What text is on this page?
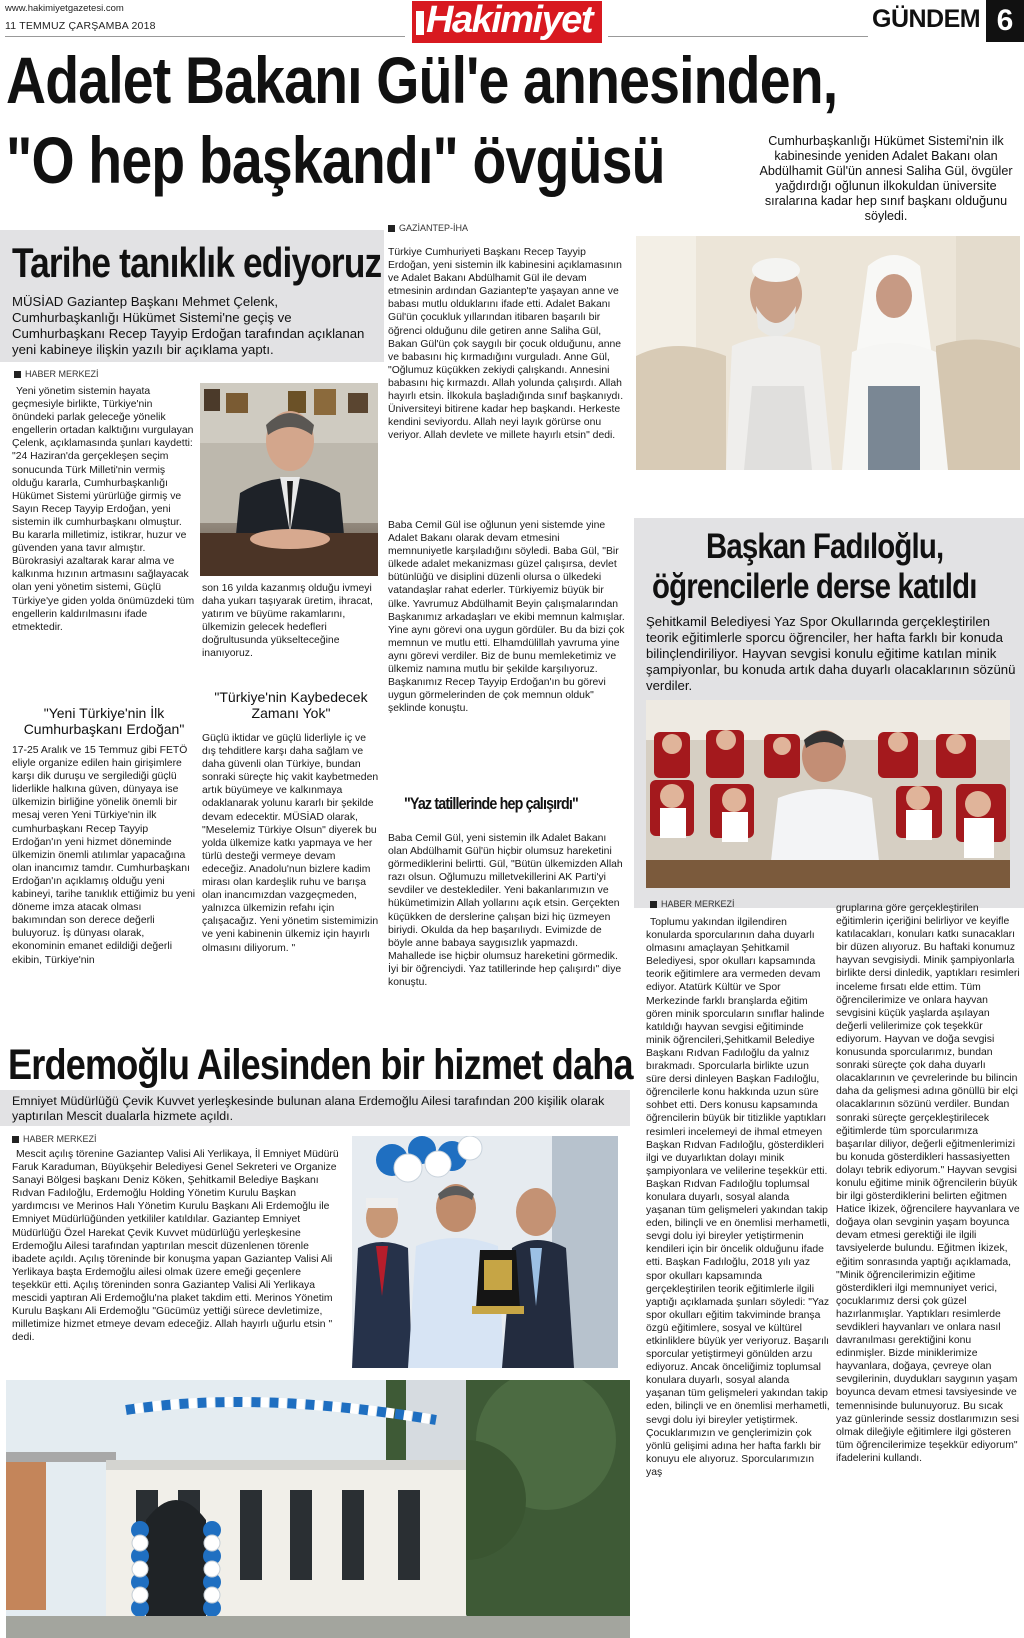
www.hakimiyetgazetesi.com
11 TEMMUZ ÇARŞAMBA 2018	Hakimiyet	GÜNDEM 6
Adalet Bakanı Gül'e annesinden,
"O hep başkandı" övgüsü	Cumhurbaşkanlığı Hükümet Sistemi'nin ilk kabinesinde yeniden Adalet Bakanı olan Abdülhamit Gül'ün annesi Saliha Gül, övgüler yağdırdığı oğlunun ilkokuldan üniversite sıralarına kadar hep sınıf başkanı olduğunu söyledi.
Tarihe tanıklık ediyoruz
MÜSİAD Gaziantep Başkanı Mehmet Çelenk, Cumhurbaşkanlığı Hükümet Sistemi'ne geçiş ve Cumhurbaşkanı Recep Tayyip Erdoğan tarafından açıklanan yeni kabineye ilişkin yazılı bir açıklama yaptı.
HABER MERKEZİ

Yeni yönetim sistemin hayata geçmesiyle birlikte, Türkiye'nin önündeki parlak geleceğe yönelik engellerin ortadan kalktığını vurgulayan Çelenk, açıklamasında şunları kaydetti: "24 Haziran'da gerçekleşen seçim sonucunda Türk Milleti'nin vermiş olduğu kararla, Cumhurbaşkanlığı Hükümet Sistemi yürürlüğe girmiş ve Sayın Recep Tayyip Erdoğan, yeni sistemin ilk cumhurbaşkanı olmuştur. Bu kararla milletimiz, istikrar, huzur ve güvenden yana tavır almıştır. Bürokrasiyi azaltarak karar alma ve kalkınma hızının artmasını sağlayacak olan yeni yönetim sistemi, Güçlü Türkiye'ye giden yolda önümüzdeki tüm engellerin kaldırılmasını ifade etmektedir.

"Yeni Türkiye'nin İlk Cumhurbaşkanı Erdoğan"

17-25 Aralık ve 15 Temmuz gibi FETÖ eliyle organize edilen hain girişimlere karşı dik duruşu ve sergilediği güçlü liderlikle halkına güven, dünyaya ise ülkemizin birliğine yönelik önemli bir mesaj veren Yeni Türkiye'nin ilk cumhurbaşkanı Recep Tayyip Erdoğan'ın yeni hizmet döneminde ülkemizin önemli atılımlar yapacağına olan inancımız tamdır. Cumhurbaşkanı Erdoğan'ın açıklamış olduğu yeni kabineyi, tarihe tanıklık ettiğimiz bu yeni döneme imza atacak olması bakımından son derece değerli buluyoruz. İş dünyası olarak, ekonominin emanet edildiği değerli ekibin, Türkiye'nin

son 16 yılda kazanmış olduğu ivmeyi daha yukarı taşıyarak üretim, ihracat, yatırım ve büyüme rakamlarını, ülkemizin gelecek hedefleri doğrultusunda yükselteceğine inanıyoruz.

"Türkiye'nin Kaybedecek Zamanı Yok"

Güçlü iktidar ve güçlü liderliyle iç ve dış tehditlere karşı daha sağlam ve daha güvenli olan Türkiye, bundan sonraki süreçte hiç vakit kaybetmeden artık büyümeye ve kalkınmaya odaklanarak yolunu kararlı bir şekilde devam edecektir. MÜSİAD olarak, "Meselemiz Türkiye Olsun" diyerek bu yolda ülkemize katkı yapmaya ve her türlü desteği vermeye devam edeceğiz. Anadolu'nun bizlere kadim mirası olan kardeşlik ruhu ve barışa olan inancımızdan vazgeçmeden, yalnızca ülkemizin refahı için çalışacağız. Yeni yönetim sistemimizin ve yeni kabinenin ülkemiz için hayırlı olmasını diliyorum. "

GAZİANTEP-İHA

Türkiye Cumhuriyeti Başkanı Recep Tayyip Erdoğan, yeni sistemin ilk kabinesini açıklamasının ve Adalet Bakanı Abdülhamit Gül ile devam etmesinin ardından Gaziantep'te yaşayan anne ve babası mutlu olduklarını ifade etti. Adalet Bakanı Gül'ün çocukluk yıllarından itibaren başarılı bir öğrenci olduğunu dile getiren anne Saliha Gül, Bakan Gül'ün çok saygılı bir çocuk olduğunu, anne ve babasını hiç kırmadığını vurguladı. Anne Gül, "Oğlumuz küçükken zekiydi çalışkandı. Annesini babasını hiç kırmazdı. Allah yolunda çalışırdı. Allah hayırlı etsin. İlkokula başladığında sınıf başkanıydı. Üniversiteyi bitirene kadar hep başkandı. Herkeste kendini seviyordu. Allah neyi layık görürse onu veriyor. Allah devlete ve millete hayırlı etsin" dedi.

Baba Cemil Gül ise oğlunun yeni sistemde yine Adalet Bakanı olarak devam etmesini memnuniyetle karşıladığını söyledi. Baba Gül, "Bir ülkede adalet mekanizması güzel çalışırsa, devlet bütünlüğü ve disiplini düzenli olursa o ülkedeki vatandaşlar rahat ederler. Türkiyemiz büyük bir ülke. Yavrumuz Abdülhamit Beyin çalışmalarından Başkanımız arkadaşları ve ekibi memnun kalmışlar. Yine aynı görevi ona uygun gördüler. Bu da bizi çok memnun ve mutlu etti. Elhamdülillah yavruma yine aynı görevi verdiler. Biz de bunu memleketimiz ve ülkemiz namına mutlu bir şekilde karşılıyoruz. Başkanımız Recep Tayyip Erdoğan'ın bu görevi uygun görmelerinden de çok memnun olduk" şeklinde konuştu.

"Yaz tatillerinde hep çalışırdı"

Baba Cemil Gül, yeni sistemin ilk Adalet Bakanı olan Abdülhamit Gül'ün hiçbir olumsuz hareketini görmediklerini belirtti. Gül, "Bütün ülkemizden Allah razı olsun. Oğlumuzu milletvekillerini AK Parti'yi sevdiler ve desteklediler. Yeni bakanlarımızın ve hükümetimizin Allah yollarını açık etsin. Gerçekten küçükken de derslerine çalışan bizi hiç üzmeyen biriydi. Okulda da hep başarılıydı. Evimizde de böyle anne babaya saygısızlık yapmazdı. Mahallede ise hiçbir olumsuz hareketini görmedik. İyi bir öğrenciydi. Yaz tatillerinde hep çalışırdı" diye konuştu.

Başkan Fadıloğlu,
öğrencilerle derse katıldı
Şehitkamil Belediyesi Yaz Spor Okullarında gerçekleştirilen teorik eğitimlerle sporcu öğrenciler, her hafta farklı bir konuda bilinçlendiriliyor. Hayvan sevgisi konulu eğitime katılan minik şampiyonlar, bu konuda artık daha duyarlı olacaklarının sözünü verdiler.
HABER MERKEZİ

Toplumu yakından ilgilendiren konularda sporcularının daha duyarlı olmasını amaçlayan Şehitkamil Belediyesi, spor okulları kapsamında teorik eğitimlere ara vermeden devam ediyor. Atatürk Kültür ve Spor Merkezinde farklı branşlarda eğitim gören minik sporcuların sınıflar halinde katıldığı hayvan sevgisi eğitiminde minik öğrencileri,Şehitkamil Belediye Başkanı Rıdvan Fadıloğlu da yalnız bırakmadı. Sporcularla birlikte uzun süre dersi dinleyen Başkan Fadıloğlu, öğrencilerle konu hakkında uzun süre sohbet etti. Ders konusu kapsamında öğrencilerin büyük bir titizlikle yaptıkları resimleri incelemeyi de ihmal etmeyen Başkan Rıdvan Fadıloğlu, gösterdikleri ilgi ve duyarlıktan dolayı minik şampiyonlara ve velilerine teşekkür etti. Başkan Rıdvan Fadıloğlu toplumsal konulara duyarlı, sosyal alanda yaşanan tüm gelişmeleri yakından takip eden, bilinçli ve en önemlisi merhametli, sevgi dolu iyi bireyler yetiştirmenin kendileri için bir öncelik olduğunu ifade etti. Başkan Fadıloğlu, 2018 yılı yaz spor okulları kapsamında gerçekleştirilen teorik eğitimlerle ilgili yaptığı açıklamada şunları söyledi: "Yaz spor okulları eğitim takviminde branşa özgü eğitimlere, sosyal ve kültürel etkinliklere büyük yer veriyoruz. Başarılı sporcular yetiştirmeyi gönülden arzu ediyoruz. Ancak önceliğimiz toplumsal konulara duyarlı, sosyal alanda yaşanan tüm gelişmeleri yakından takip eden, bilinçli ve en önemlisi merhametli, sevgi dolu iyi bireyler yetiştirmek. Çocuklarımızın ve gençlerimizin çok yönlü gelişimi adına her hafta farklı bir konuyu ele alıyoruz. Sporcularımızın yaş

gruplarına göre gerçekleştirilen eğitimlerin içeriğini belirliyor ve keyifle katılacakları, konuları katkı sunacakları bir düzen alıyoruz. Bu haftaki konumuz hayvan sevgisiydi. Minik şampiyonlarla birlikte dersi dinledik, yaptıkları resimleri inceleme fırsatı elde ettim. Tüm öğrencilerimize ve onlara hayvan sevgisini küçük yaşlarda aşılayan değerli velilerimize çok teşekkür ediyorum. Hayvan ve doğa sevgisi konusunda sporcularımız, bundan sonraki süreçte çok daha duyarlı olacaklarının ve çevrelerinde bu bilincin daha da gelişmesi adına gönüllü bir elçi olacaklarının sözünü verdiler. Bundan sonraki süreçte gerçekleştirilecek eğitimlerde tüm sporcularımıza başarılar diliyor, değerli eğitmenlerimizi bu konuda gösterdikleri hassasiyetten dolayı tebrik ediyorum." Hayvan sevgisi konulu eğitime minik öğrencilerin büyük bir ilgi gösterdiklerini belirten eğitmen Hatice İkizek, öğrencilere hayvanlara ve doğaya olan sevginin yaşam boyunca devam etmesi gerektiği ile ilgili tavsiyelerde bulundu. Eğitmen İkizek, eğitim sonrasında yaptığı açıklamada, "Minik öğrencilerimizin eğitime gösterdikleri ilgi memnuniyet verici, çocuklarımız dersi çok güzel hazırlanmışlar. Yaptıkları resimlerde sevdikleri hayvanları ve onlara nasıl davranılması gerektiğini konu edinmişler. Bizde miniklerimize hayvanlara, doğaya, çevreye olan sevgilerinin, duydukları saygının yaşam boyunca devam etmesi tavsiyesinde ve temennisinde bulunuyoruz. Bu sıcak yaz günlerinde sessiz dostlarımızın sesi olmak dileğiyle eğitimlere ilgi gösteren tüm öğrencilerimize teşekkür ediyorum" ifadelerini kullandı.

Erdemoğlu Ailesinden bir hizmet daha
Emniyet Müdürlüğü Çevik Kuvvet yerleşkesinde bulunan alana Erdemoğlu Ailesi tarafından 200 kişilik olarak yaptırılan Mescit dualarla hizmete açıldı.
HABER MERKEZİ

Mescit açılış törenine Gaziantep Valisi Ali Yerlikaya, İl Emniyet Müdürü Faruk Karaduman, Büyükşehir Belediyesi Genel Sekreteri ve Organize Sanayi Bölgesi başkanı Deniz Köken, Şehitkamil Belediye Başkanı Rıdvan Fadıloğlu, Erdemoğlu Holding Yönetim Kurulu Başkan yardımcısı ve Merinos Halı Yönetim Kurulu Başkanı Ali Erdemoğlu ile Emniyet Müdürlüğünden yetkililer katıldılar. Gaziantep Emniyet Müdürlüğü Özel Harekat Çevik Kuvvet müdürlüğü yerleşkesine Erdemoğlu Ailesi tarafından yaptırılan mescit düzenlenen törenle ibadete açıldı. Açılış töreninde bir konuşma yapan Gaziantep Valisi Ali Yerlikaya başta Erdemoğlu ailesi olmak üzere emeği geçenlere teşekkür etti. Açılış töreninden sonra Gaziantep Valisi Ali Yerlikaya mescidi yaptıran Ali Erdemoğlu'na plaket takdim etti. Merinos Yönetim Kurulu Başkanı Ali Erdemoğlu "Gücümüz yettiği sürece devletimize, milletimize hizmet etmeye devam edeceğiz. Allah hayırlı uğurlu etsin " dedi.
